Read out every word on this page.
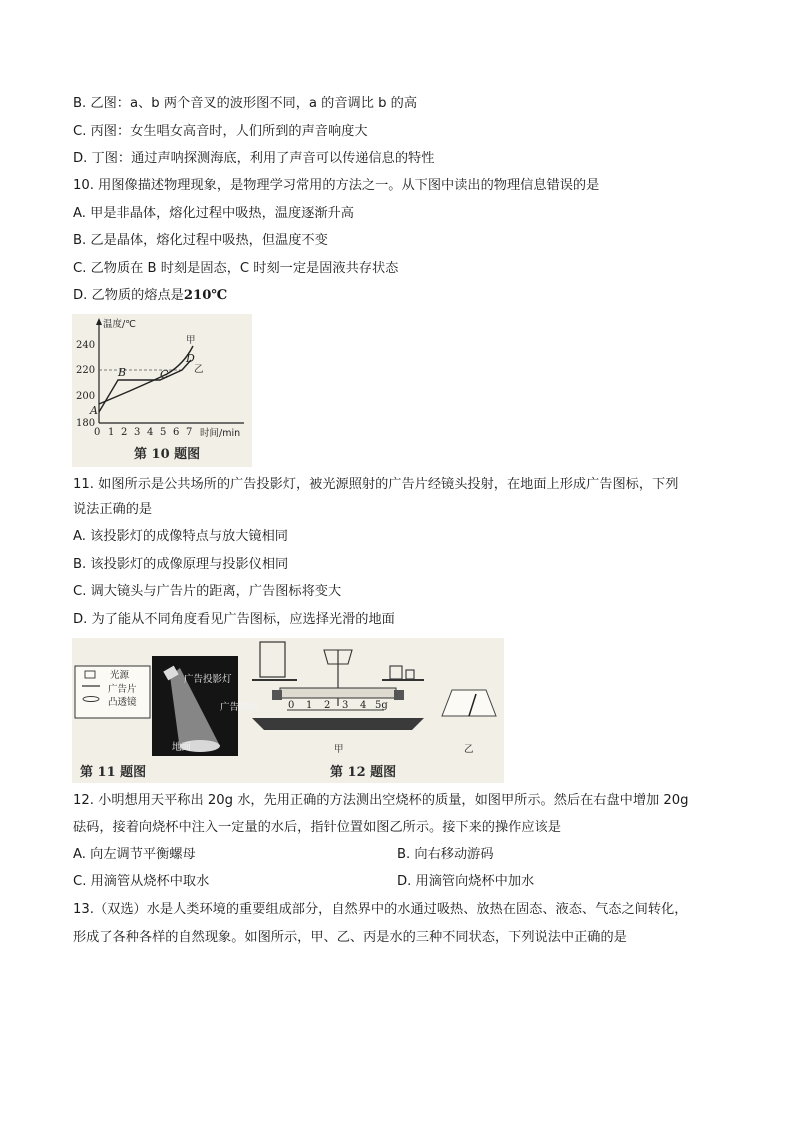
B. 乙图：a、b 两个音叉的波形图不同，a 的音调比 b 的高
C. 丙图：女生唱女高音时，人们所到的声音响度大
D. 丁图：通过声呐探测海底，利用了声音可以传递信息的特性
10. 用图像描述物理现象，是物理学习常用的方法之一。从下图中读出的物理信息错误的是
A. 甲是非晶体，熔化过程中吸热，温度逐渐升高
B. 乙是晶体，熔化过程中吸热，但温度不变
C. 乙物质在 B 时刻是固态，C 时刻一定是固液共存状态
D. 乙物质的熔点是210℃
温度/℃
时间/min
240
220
200
180
0 1 2 3 4 5 6 7
甲
乙
A
B	C
D
第 10 题图
11. 如图所示是公共场所的广告投影灯，被光源照射的广告片经镜头投射，在地面上形成广告图标，下列
说法正确的是
A. 该投影灯的成像特点与放大镜相同
B. 该投影灯的成像原理与投影仪相同
C. 调大镜头与广告片的距离，广告图标将变大
D. 为了能从不同角度看见广告图标，应选择光滑的地面
光源
广告片
凸透镜
广告投影灯
广告图标
地面
第 11 题图
0 1 2 3 4 5g
甲	乙
第 12 题图
12. 小明想用天平称出 20g 水，先用正确的方法测出空烧杯的质量，如图甲所示。然后在右盘中增加 20g
砝码，接着向烧杯中注入一定量的水后，指针位置如图乙所示。接下来的操作应该是
A. 向左调节平衡螺母	B. 向右移动游码
C. 用滴管从烧杯中取水	D. 用滴管向烧杯中加水
13.（双选）水是人类环境的重要组成部分，自然界中的水通过吸热、放热在固态、液态、气态之间转化，
形成了各种各样的自然现象。如图所示，甲、乙、丙是水的三种不同状态，下列说法中正确的是
